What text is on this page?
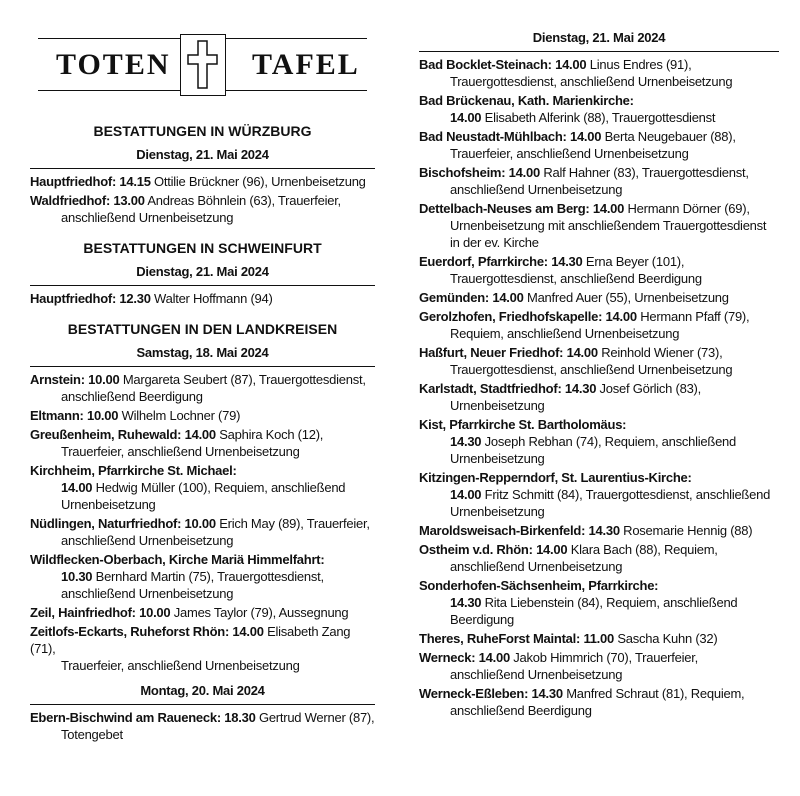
TOTEN	TAFEL
BESTATTUNGEN IN WÜRZBURG
Dienstag, 21. Mai 2024
Hauptfriedhof: 14.15 Ottilie Brückner (96), Urnenbeisetzung
Waldfriedhof: 13.00 Andreas Böhnlein (63), Trauerfeier,
anschließend Urnenbeisetzung
BESTATTUNGEN IN SCHWEINFURT
Dienstag, 21. Mai 2024
Hauptfriedhof: 12.30 Walter Hoffmann (94)
BESTATTUNGEN IN DEN LANDKREISEN
Samstag, 18. Mai 2024
Arnstein: 10.00 Margareta Seubert (87), Trauergottesdienst,
anschließend Beerdigung
Eltmann: 10.00 Wilhelm Lochner (79)
Greußenheim, Ruhewald: 14.00 Saphira Koch (12),
Trauerfeier, anschließend Urnenbeisetzung
Kirchheim, Pfarrkirche St. Michael:
14.00 Hedwig Müller (100), Requiem, anschließend
Urnenbeisetzung
Nüdlingen, Naturfriedhof: 10.00 Erich May (89), Trauerfeier,
anschließend Urnenbeisetzung
Wildflecken-Oberbach, Kirche Mariä Himmelfahrt:
10.30 Bernhard Martin (75), Trauergottesdienst,
anschließend Urnenbeisetzung
Zeil, Hainfriedhof: 10.00 James Taylor (79), Aussegnung
Zeitlofs-Eckarts, Ruheforst Rhön: 14.00 Elisabeth Zang (71),
Trauerfeier, anschließend Urnenbeisetzung
Montag, 20. Mai 2024
Ebern-Bischwind am Raueneck: 18.30 Gertrud Werner (87),
Totengebet
Dienstag, 21. Mai 2024
Bad Bocklet-Steinach: 14.00 Linus Endres (91),
Trauergottesdienst, anschließend Urnenbeisetzung
Bad Brückenau, Kath. Marienkirche:
14.00 Elisabeth Alferink (88), Trauergottesdienst
Bad Neustadt-Mühlbach: 14.00 Berta Neugebauer (88),
Trauerfeier, anschließend Urnenbeisetzung
Bischofsheim: 14.00 Ralf Hahner (83), Trauergottesdienst,
anschließend Urnenbeisetzung
Dettelbach-Neuses am Berg: 14.00 Hermann Dörner (69),
Urnenbeisetzung mit anschließendem Trauergottesdienst
in der ev. Kirche
Euerdorf, Pfarrkirche: 14.30 Erna Beyer (101),
Trauergottesdienst, anschließend Beerdigung
Gemünden: 14.00 Manfred Auer (55), Urnenbeisetzung
Gerolzhofen, Friedhofskapelle: 14.00 Hermann Pfaff (79),
Requiem, anschließend Urnenbeisetzung
Haßfurt, Neuer Friedhof: 14.00 Reinhold Wiener (73),
Trauergottesdienst, anschließend Urnenbeisetzung
Karlstadt, Stadtfriedhof: 14.30 Josef Görlich (83),
Urnenbeisetzung
Kist, Pfarrkirche St. Bartholomäus:
14.30 Joseph Rebhan (74), Requiem, anschließend
Urnenbeisetzung
Kitzingen-Repperndorf, St. Laurentius-Kirche:
14.00 Fritz Schmitt (84), Trauergottesdienst, anschließend
Urnenbeisetzung
Maroldsweisach-Birkenfeld: 14.30 Rosemarie Hennig (88)
Ostheim v.d. Rhön: 14.00 Klara Bach (88), Requiem,
anschließend Urnenbeisetzung
Sonderhofen-Sächsenheim, Pfarrkirche:
14.30 Rita Liebenstein (84), Requiem, anschließend
Beerdigung
Theres, RuheForst Maintal: 11.00 Sascha Kuhn (32)
Werneck: 14.00 Jakob Himmrich (70), Trauerfeier,
anschließend Urnenbeisetzung
Werneck-Eßleben: 14.30 Manfred Schraut (81), Requiem,
anschließend Beerdigung
